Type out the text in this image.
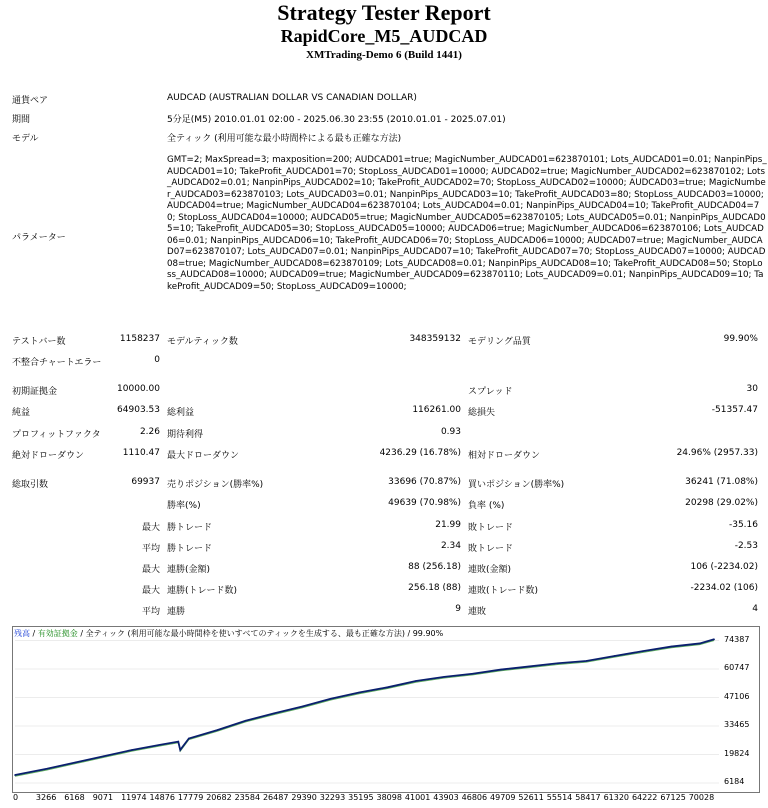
Strategy Tester Report
RapidCore_M5_AUDCAD
XMTrading-Demo 6 (Build 1441)
通貨ペア	AUDCAD (AUSTRALIAN DOLLAR VS CANADIAN DOLLAR)
期間	5分足(M5) 2010.01.01 02:00 - 2025.06.30 23:55 (2010.01.01 - 2025.07.01)
モデル	全ティック (利用可能な最小時間枠による最も正確な方法)
パラメーター
GMT=2; MaxSpread=3; maxposition=200; AUDCAD01=true; MagicNumber_AUDCAD01=623870101; Lots_AUDCAD01=0.01; NanpinPips_AUDCAD01=10; TakeProfit_AUDCAD01=70; StopLoss_AUDCAD01=10000; AUDCAD02=true; MagicNumber_AUDCAD02=623870102; Lots_AUDCAD02=0.01; NanpinPips_AUDCAD02=10; TakeProfit_AUDCAD02=70; StopLoss_AUDCAD02=10000; AUDCAD03=true; MagicNumber_AUDCAD03=623870103; Lots_AUDCAD03=0.01; NanpinPips_AUDCAD03=10; TakeProfit_AUDCAD03=80; StopLoss_AUDCAD03=10000; AUDCAD04=true; MagicNumber_AUDCAD04=623870104; Lots_AUDCAD04=0.01; NanpinPips_AUDCAD04=10; TakeProfit_AUDCAD04=70; StopLoss_AUDCAD04=10000; AUDCAD05=true; MagicNumber_AUDCAD05=623870105; Lots_AUDCAD05=0.01; NanpinPips_AUDCAD05=10; TakeProfit_AUDCAD05=30; StopLoss_AUDCAD05=10000; AUDCAD06=true; MagicNumber_AUDCAD06=623870106; Lots_AUDCAD06=0.01; NanpinPips_AUDCAD06=10; TakeProfit_AUDCAD06=70; StopLoss_AUDCAD06=10000; AUDCAD07=true; MagicNumber_AUDCAD07=623870107; Lots_AUDCAD07=0.01; NanpinPips_AUDCAD07=10; TakeProfit_AUDCAD07=70; StopLoss_AUDCAD07=10000; AUDCAD08=true; MagicNumber_AUDCAD08=623870109; Lots_AUDCAD08=0.01; NanpinPips_AUDCAD08=10; TakeProfit_AUDCAD08=50; StopLoss_AUDCAD08=10000; AUDCAD09=true; MagicNumber_AUDCAD09=623870110; Lots_AUDCAD09=0.01; NanpinPips_AUDCAD09=10; TakeProfit_AUDCAD09=50; StopLoss_AUDCAD09=10000;
テストバー数	1158237 モデルティック数	348359132 モデリング品質	99.90%
不整合チャートエラー	0
初期証拠金	10000.00	スプレッド	30
純益	64903.53 総利益	116261.00 総損失	-51357.47
プロフィットファクタ	2.26 期待利得	0.93
絶対ドローダウン	1110.47 最大ドローダウン	4236.29 (16.78%) 相対ドローダウン	24.96% (2957.33)
総取引数	69937 売りポジション(勝率%)	33696 (70.87%) 買いポジション(勝率%)	36241 (71.08%)
勝率(%)	49639 (70.98%) 負率 (%)	20298 (29.02%)
最大 勝トレード	21.99 敗トレード	-35.16
平均 勝トレード	2.34 敗トレード	-2.53
最大 連勝(金額)	88 (256.18) 連敗(金額)	106 (-2234.02)
最大 連勝(トレード数)	256.18 (88) 連敗(トレード数)	-2234.02 (106)
平均 連勝	9 連敗	4
残高 / 有効証拠金 / 全ティック (利用可能な最小時間枠を使いすべてのティックを生成する、最も正確な方法) / 99.90%
74387
60747
47106
33465
19824
6184
0 3266 6168 9071 11974 14876 17779 20682 23584 26487 29390 32293 35195 38098 41001 43903 46806 49709 52611 55514 58417 61320 64222 67125 70028
